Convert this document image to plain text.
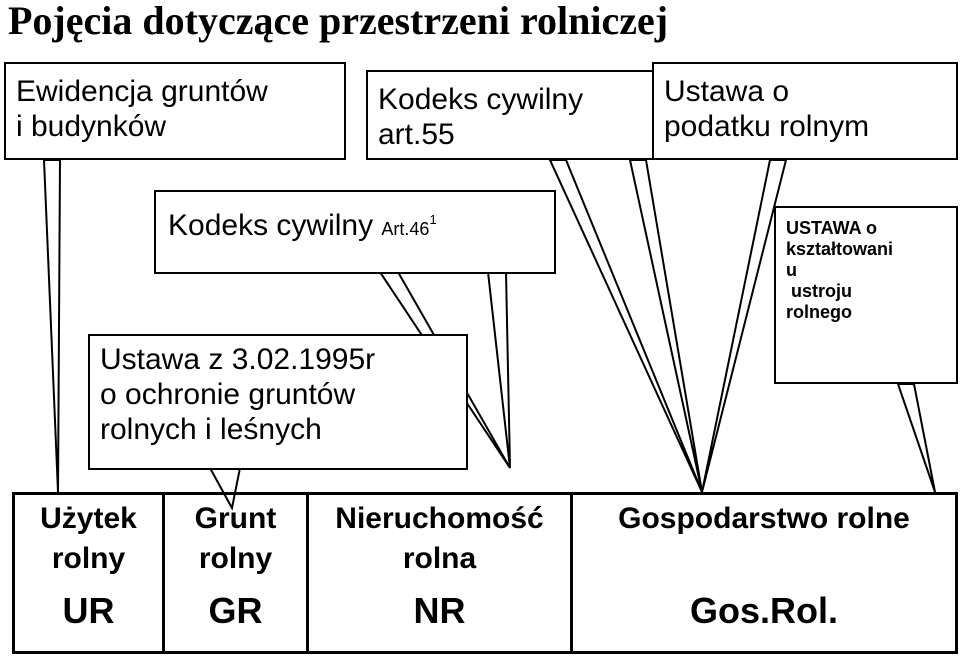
Pojęcia dotyczące przestrzeni rolniczej
Ewidencja gruntów
i budynków
Kodeks cywilny
art.55
Ustawa o
podatku rolnym
Kodeks cywilny $Art.46^1$
Ustawa z 3.02.1995r
o ochronie gruntów
rolnych i leśnych
USTAWA o
kształtowani
u
ustroju
rolnego
Użytek
rolny
UR
Grunt
rolny
GR
Nieruchomość
rolna
NR
Gospodarstwo rolne
Gos.Rol.
